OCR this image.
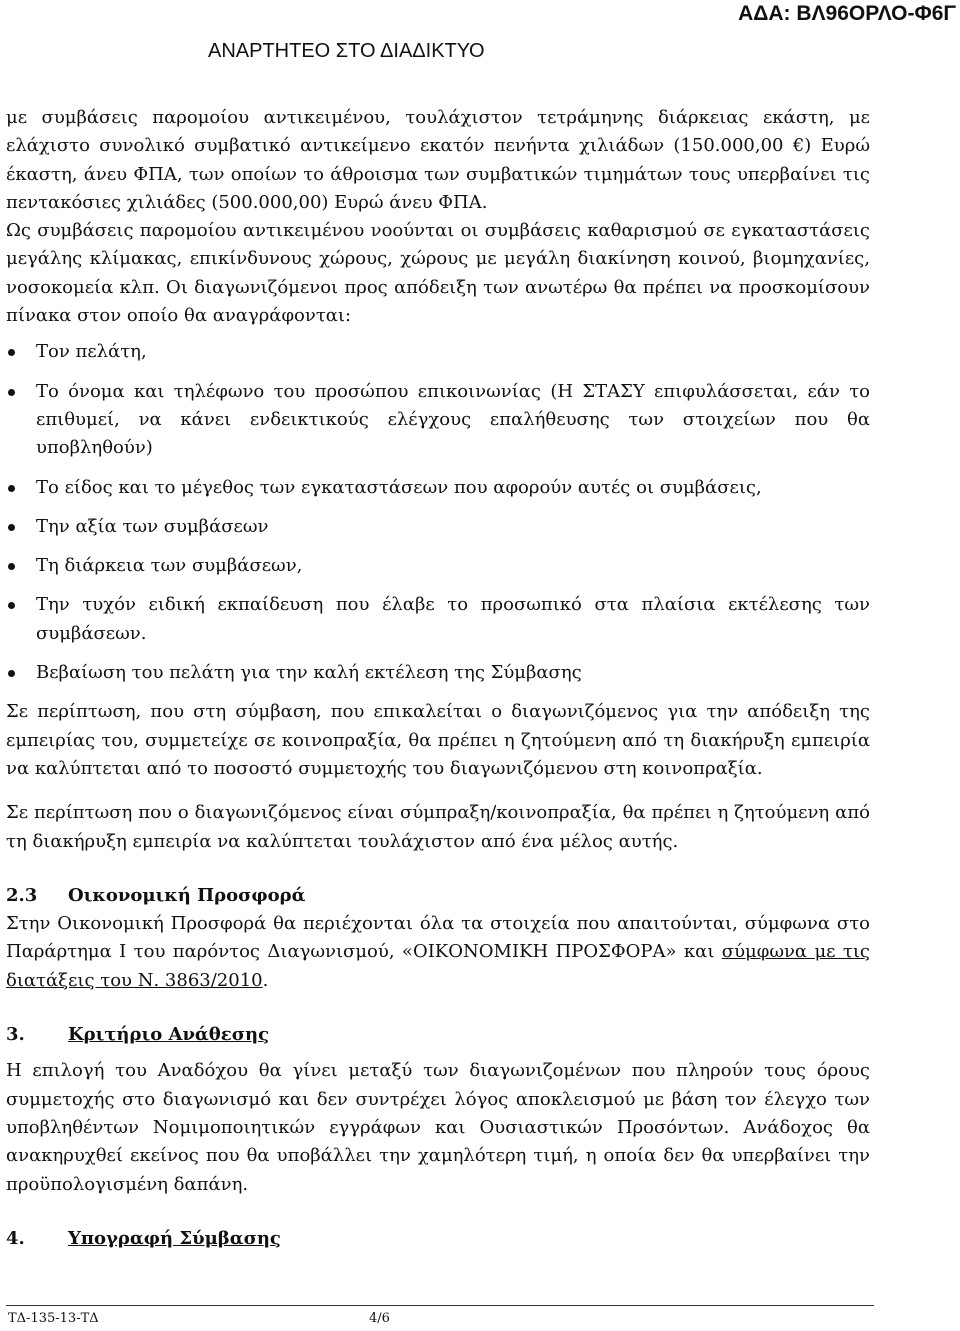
ΑΝΑΡΤΗΤΕΟ ΣΤΟ ΔΙΑΔΙΚΤΥΟ
ΑΔΑ: ΒΛ96ΟΡΛΟ-Φ6Γ

με συμβάσεις παρομοίου αντικειμένου, τουλάχιστον τετράμηνης διάρκειας εκάστη, με ελάχιστο συνολικό συμβατικό αντικείμενο εκατόν πενήντα χιλιάδων (150.000,00 €) Ευρώ έκαστη, άνευ ΦΠΑ, των οποίων το άθροισμα των συμβατικών τιμημάτων τους υπερβαίνει τις πεντακόσιες χιλιάδες (500.000,00) Ευρώ άνευ ΦΠΑ.

Ως συμβάσεις παρομοίου αντικειμένου νοούνται οι συμβάσεις καθαρισμού σε εγκαταστάσεις μεγάλης κλίμακας, επικίνδυνους χώρους, χώρους με μεγάλη διακίνηση κοινού, βιομηχανίες, νοσοκομεία κλπ. Οι διαγωνιζόμενοι προς απόδειξη των ανωτέρω θα πρέπει να προσκομίσουν πίνακα στον οποίο θα αναγράφονται:

Τον πελάτη,
Το όνομα και τηλέφωνο του προσώπου επικοινωνίας (Η ΣΤΑΣΥ επιφυλάσσεται, εάν το επιθυμεί, να κάνει ενδεικτικούς ελέγχους επαλήθευσης των στοιχείων που θα υποβληθούν)
Το είδος και το μέγεθος των εγκαταστάσεων που αφορούν αυτές οι συμβάσεις,
Την αξία των συμβάσεων
Τη διάρκεια των συμβάσεων,
Την τυχόν ειδική εκπαίδευση που έλαβε το προσωπικό στα πλαίσια εκτέλεσης των συμβάσεων.
Βεβαίωση του πελάτη για την καλή εκτέλεση της Σύμβασης

Σε περίπτωση, που στη σύμβαση, που επικαλείται ο διαγωνιζόμενος για την απόδειξη της εμπειρίας του, συμμετείχε σε κοινοπραξία, θα πρέπει η ζητούμενη από τη διακήρυξη εμπειρία να καλύπτεται από το ποσοστό συμμετοχής του διαγωνιζόμενου στη κοινοπραξία.

Σε περίπτωση που ο διαγωνιζόμενος είναι σύμπραξη/κοινοπραξία, θα πρέπει η ζητούμενη από τη διακήρυξη εμπειρία να καλύπτεται τουλάχιστον από ένα μέλος αυτής.

2.3 Οικονομική Προσφορά

Στην Οικονομική Προσφορά θα περιέχονται όλα τα στοιχεία που απαιτούνται, σύμφωνα στο Παράρτημα Ι του παρόντος Διαγωνισμού, «ΟΙΚΟΝΟΜΙΚΗ ΠΡΟΣΦΟΡΑ» και σύμφωνα με τις διατάξεις του Ν. 3863/2010.

3. Κριτήριο Ανάθεσης

Η επιλογή του Αναδόχου θα γίνει μεταξύ των διαγωνιζομένων που πληρούν τους όρους συμμετοχής στο διαγωνισμό και δεν συντρέχει λόγος αποκλεισμού με βάση τον έλεγχο των υποβληθέντων Νομιμοποιητικών εγγράφων και Ουσιαστικών Προσόντων. Ανάδοχος θα ανακηρυχθεί εκείνος που θα υποβάλλει την χαμηλότερη τιμή, η οποία δεν θα υπερβαίνει την προϋπολογισμένη δαπάνη.

4. Υπογραφή Σύμβασης

ΤΔ-135-13-ΤΔ	4/6
